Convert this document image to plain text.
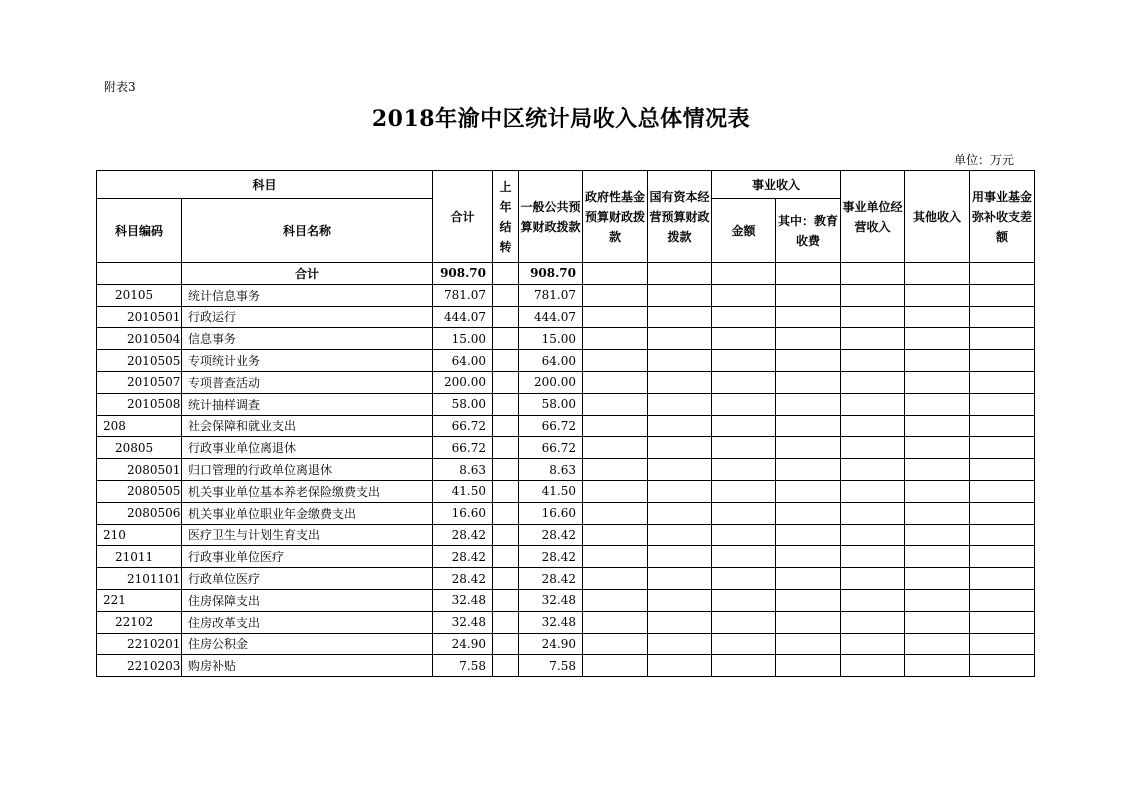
附表3
2018年渝中区统计局收入总体情况表
单位：万元
科目		合计	上年结转	一般公共预算财政拨款	政府性基金预算财政拨款	国有资本经营预算财政拨款	事业收入		事业单位经营收入	其他收入	用事业基金弥补收支差额
科目编码	科目名称						金额	其中：教育收费			
	合计	908.70		908.70							
20105	统计信息事务	781.07		781.07							
2010501	行政运行	444.07		444.07							
2010504	信息事务	15.00		15.00							
2010505	专项统计业务	64.00		64.00							
2010507	专项普查活动	200.00		200.00							
2010508	统计抽样调查	58.00		58.00							
208	社会保障和就业支出	66.72		66.72							
20805	行政事业单位离退休	66.72		66.72							
2080501	归口管理的行政单位离退休	8.63		8.63							
2080505	机关事业单位基本养老保险缴费支出	41.50		41.50							
2080506	机关事业单位职业年金缴费支出	16.60		16.60							
210	医疗卫生与计划生育支出	28.42		28.42							
21011	行政事业单位医疗	28.42		28.42							
2101101	行政单位医疗	28.42		28.42							
221	住房保障支出	32.48		32.48							
22102	住房改革支出	32.48		32.48							
2210201	住房公积金	24.90		24.90							
2210203	购房补贴	7.58		7.58							
